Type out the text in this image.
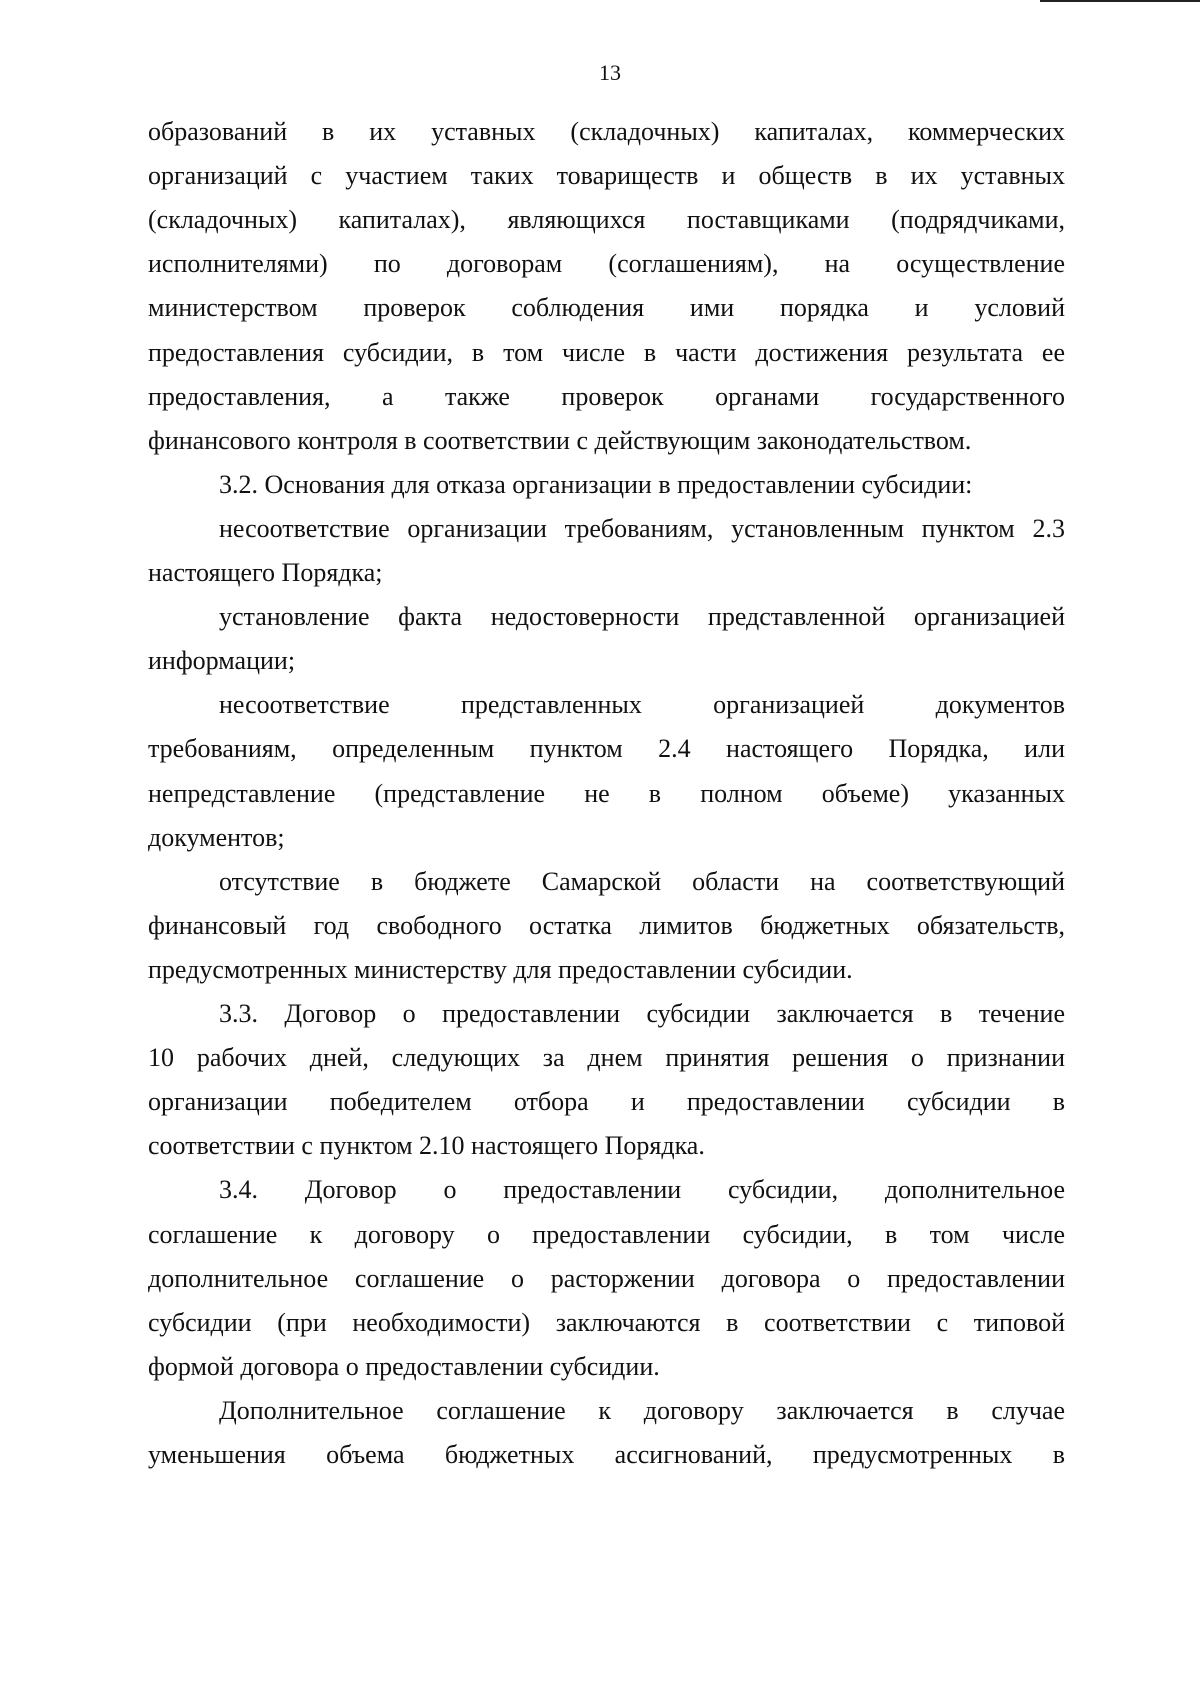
13
образований в их уставных (складочных) капиталах, коммерческих
организаций с участием таких товариществ и обществ в их уставных
(складочных) капиталах), являющихся поставщиками (подрядчиками,
исполнителями) по договорам (соглашениям), на осуществление
министерством проверок соблюдения ими порядка и условий
предоставления субсидии, в том числе в части достижения результата ее
предоставления, а также проверок органами государственного
финансового контроля в соответствии с действующим законодательством.
3.2. Основания для отказа организации в предоставлении субсидии:
несоответствие организации требованиям, установленным пунктом 2.3
настоящего Порядка;
установление факта недостоверности представленной организацией
информации;
несоответствие представленных организацией документов
требованиям, определенным пунктом 2.4 настоящего Порядка, или
непредставление (представление не в полном объеме) указанных
документов;
отсутствие в бюджете Самарской области на соответствующий
финансовый год свободного остатка лимитов бюджетных обязательств,
предусмотренных министерству для предоставлении субсидии.
3.3. Договор о предоставлении субсидии заключается в течение
10 рабочих дней, следующих за днем принятия решения о признании
организации победителем отбора и предоставлении субсидии в
соответствии с пунктом 2.10 настоящего Порядка.
3.4. Договор о предоставлении субсидии, дополнительное
соглашение к договору о предоставлении субсидии, в том числе
дополнительное соглашение о расторжении договора о предоставлении
субсидии (при необходимости) заключаются в соответствии с типовой
формой договора о предоставлении субсидии.
Дополнительное соглашение к договору заключается в случае
уменьшения объема бюджетных ассигнований, предусмотренных в
